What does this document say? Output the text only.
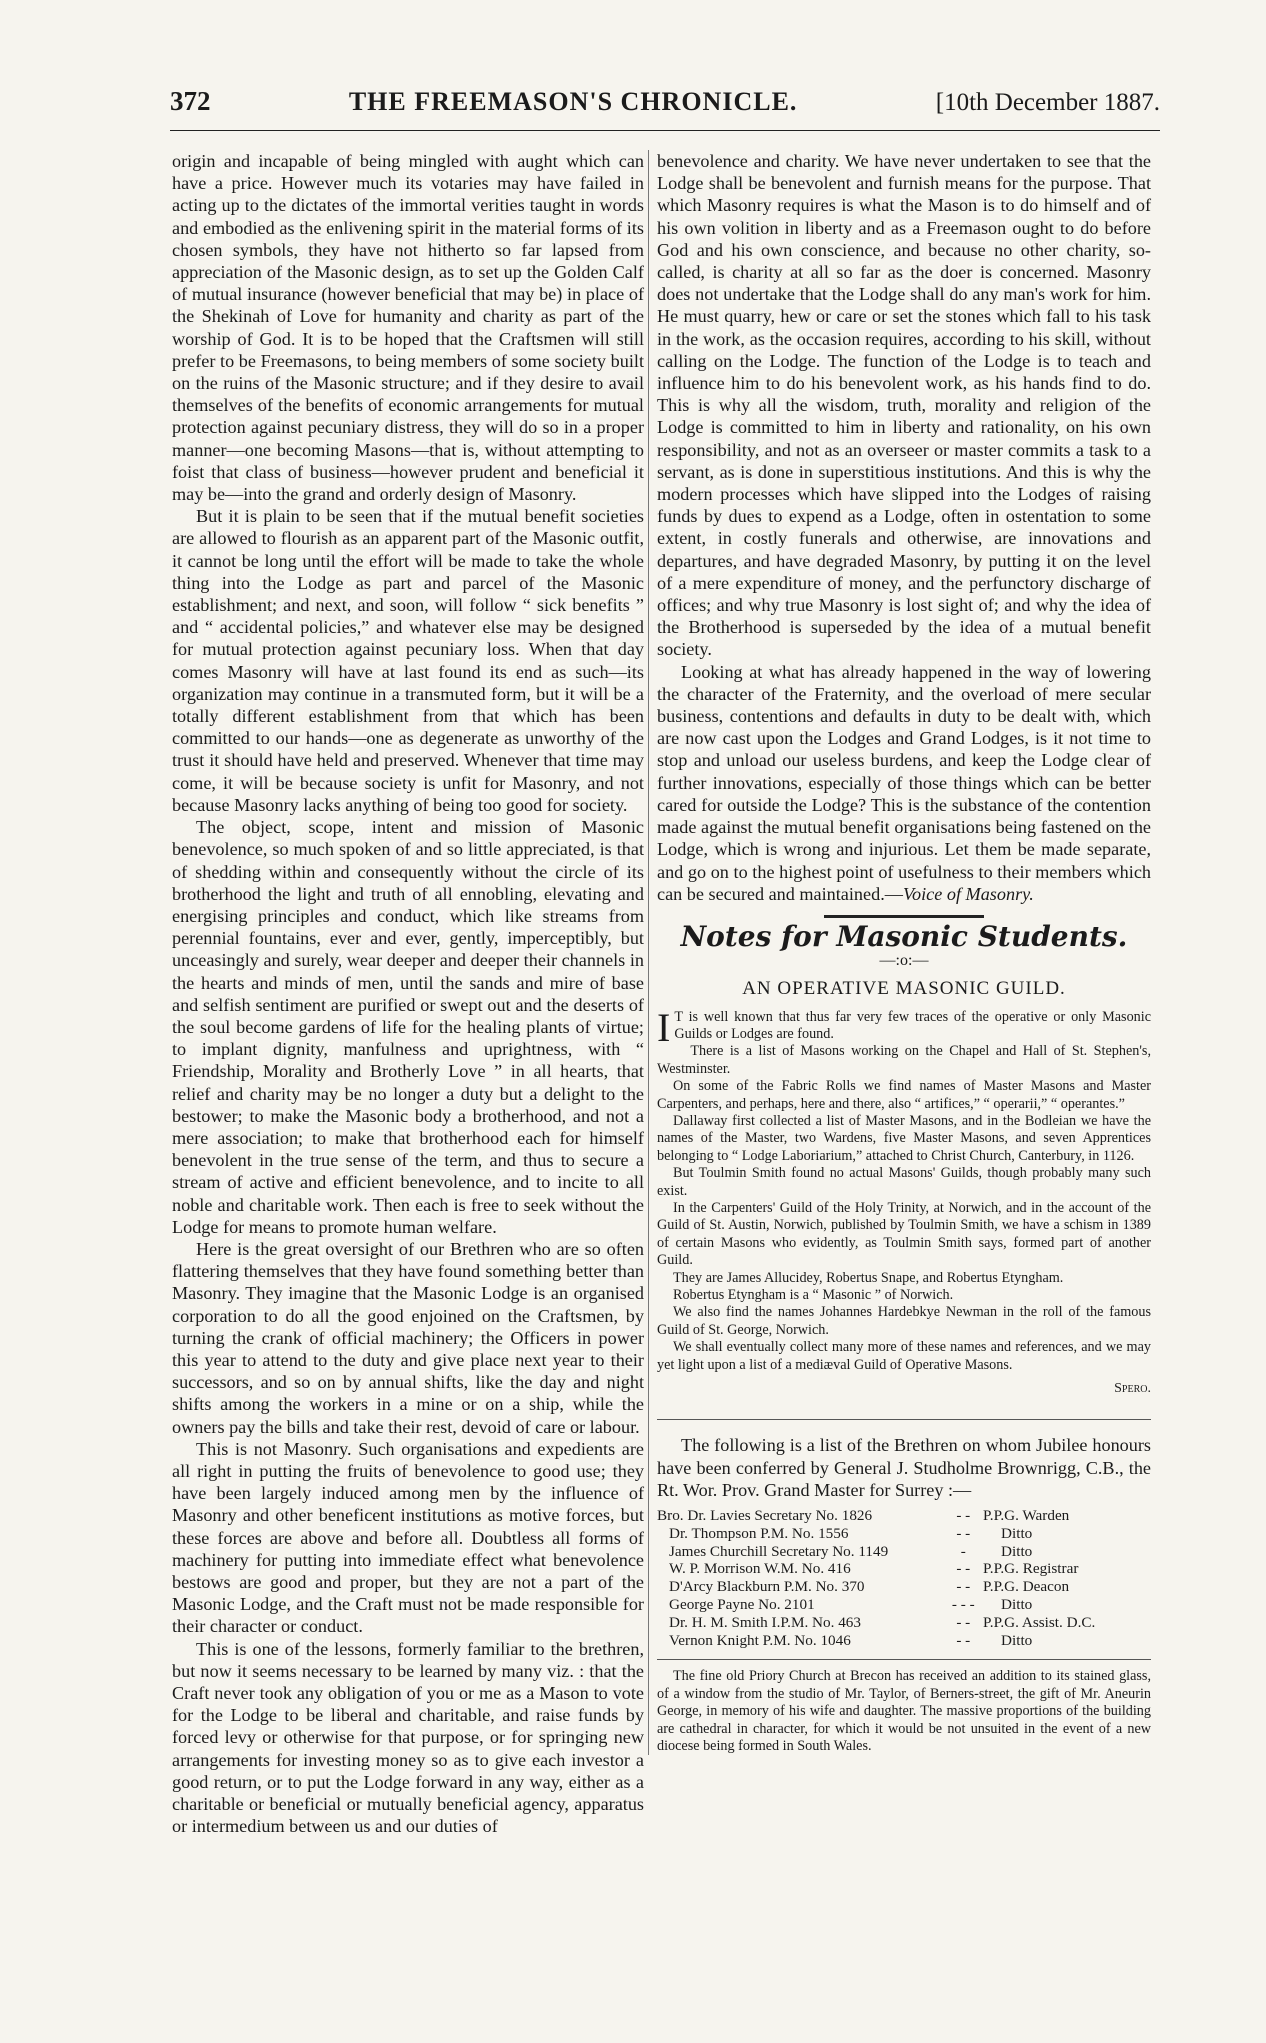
372	THE FREEMASON'S CHRONICLE.	[10th December 1887.

origin and incapable of being mingled with aught which can have a price. However much its votaries may have failed in acting up to the dictates of the immortal verities taught in words and embodied as the enlivening spirit in the material forms of its chosen symbols, they have not hitherto so far lapsed from appreciation of the Masonic design, as to set up the Golden Calf of mutual insurance (however beneficial that may be) in place of the Shekinah of Love for humanity and charity as part of the worship of God. It is to be hoped that the Craftsmen will still prefer to be Freemasons, to being members of some society built on the ruins of the Masonic structure; and if they desire to avail themselves of the benefits of economic arrangements for mutual protection against pecuniary distress, they will do so in a proper manner—one becoming Masons—that is, without attempting to foist that class of business—however prudent and beneficial it may be—into the grand and orderly design of Masonry.

But it is plain to be seen that if the mutual benefit societies are allowed to flourish as an apparent part of the Masonic outfit, it cannot be long until the effort will be made to take the whole thing into the Lodge as part and parcel of the Masonic establishment; and next, and soon, will follow “ sick benefits ” and “ accidental policies,” and whatever else may be designed for mutual protection against pecuniary loss. When that day comes Masonry will have at last found its end as such—its organization may continue in a transmuted form, but it will be a totally different establishment from that which has been committed to our hands—one as degenerate as unworthy of the trust it should have held and preserved. Whenever that time may come, it will be because society is unfit for Masonry, and not because Masonry lacks anything of being too good for society.

The object, scope, intent and mission of Masonic benevolence, so much spoken of and so little appreciated, is that of shedding within and consequently without the circle of its brotherhood the light and truth of all ennobling, elevating and energising principles and conduct, which like streams from perennial fountains, ever and ever, gently, imperceptibly, but unceasingly and surely, wear deeper and deeper their channels in the hearts and minds of men, until the sands and mire of base and selfish sentiment are purified or swept out and the deserts of the soul become gardens of life for the healing plants of virtue; to implant dignity, manfulness and uprightness, with “ Friendship, Morality and Brotherly Love ” in all hearts, that relief and charity may be no longer a duty but a delight to the bestower; to make the Masonic body a brotherhood, and not a mere association; to make that brotherhood each for himself benevolent in the true sense of the term, and thus to secure a stream of active and efficient benevolence, and to incite to all noble and charitable work. Then each is free to seek without the Lodge for means to promote human welfare.

Here is the great oversight of our Brethren who are so often flattering themselves that they have found something better than Masonry. They imagine that the Masonic Lodge is an organised corporation to do all the good enjoined on the Craftsmen, by turning the crank of official machinery; the Officers in power this year to attend to the duty and give place next year to their successors, and so on by annual shifts, like the day and night shifts among the workers in a mine or on a ship, while the owners pay the bills and take their rest, devoid of care or labour.

This is not Masonry. Such organisations and expedients are all right in putting the fruits of benevolence to good use; they have been largely induced among men by the influence of Masonry and other beneficent institutions as motive forces, but these forces are above and before all. Doubtless all forms of machinery for putting into immediate effect what benevolence bestows are good and proper, but they are not a part of the Masonic Lodge, and the Craft must not be made responsible for their character or conduct.

This is one of the lessons, formerly familiar to the brethren, but now it seems necessary to be learned by many viz. : that the Craft never took any obligation of you or me as a Mason to vote for the Lodge to be liberal and charitable, and raise funds by forced levy or otherwise for that purpose, or for springing new arrangements for investing money so as to give each investor a good return, or to put the Lodge forward in any way, either as a charitable or beneficial or mutually beneficial agency, apparatus or intermedium between us and our duties of

benevolence and charity. We have never undertaken to see that the Lodge shall be benevolent and furnish means for the purpose. That which Masonry requires is what the Mason is to do himself and of his own volition in liberty and as a Freemason ought to do before God and his own conscience, and because no other charity, so-called, is charity at all so far as the doer is concerned. Masonry does not undertake that the Lodge shall do any man's work for him. He must quarry, hew or care or set the stones which fall to his task in the work, as the occasion requires, according to his skill, without calling on the Lodge. The function of the Lodge is to teach and influence him to do his benevolent work, as his hands find to do. This is why all the wisdom, truth, morality and religion of the Lodge is committed to him in liberty and rationality, on his own responsibility, and not as an overseer or master commits a task to a servant, as is done in superstitious institutions. And this is why the modern processes which have slipped into the Lodges of raising funds by dues to expend as a Lodge, often in ostentation to some extent, in costly funerals and otherwise, are innovations and departures, and have degraded Masonry, by putting it on the level of a mere expenditure of money, and the perfunctory discharge of offices; and why true Masonry is lost sight of; and why the idea of the Brotherhood is superseded by the idea of a mutual benefit society.

Looking at what has already happened in the way of lowering the character of the Fraternity, and the overload of mere secular business, contentions and defaults in duty to be dealt with, which are now cast upon the Lodges and Grand Lodges, is it not time to stop and unload our useless burdens, and keep the Lodge clear of further innovations, especially of those things which can be better cared for outside the Lodge? This is the substance of the contention made against the mutual benefit organisations being fastened on the Lodge, which is wrong and injurious. Let them be made separate, and go on to the highest point of usefulness to their members which can be secured and maintained.—Voice of Masonry.

Notes for Masonic Students.
—:o:—
AN OPERATIVE MASONIC GUILD.

I T is well known that thus far very few traces of the operative or only Masonic Guilds or Lodges are found.

There is a list of Masons working on the Chapel and Hall of St. Stephen's, Westminster.

On some of the Fabric Rolls we find names of Master Masons and Master Carpenters, and perhaps, here and there, also “ artifices,” “ operarii,” “ operantes.”

Dallaway first collected a list of Master Masons, and in the Bodleian we have the names of the Master, two Wardens, five Master Masons, and seven Apprentices belonging to “ Lodge Laboriarium,” attached to Christ Church, Canterbury, in 1126.

But Toulmin Smith found no actual Masons' Guilds, though probably many such exist.

In the Carpenters' Guild of the Holy Trinity, at Norwich, and in the account of the Guild of St. Austin, Norwich, published by Toulmin Smith, we have a schism in 1389 of certain Masons who evidently, as Toulmin Smith says, formed part of another Guild.

They are James Allucidey, Robertus Snape, and Robertus Etyngham.

Robertus Etyngham is a “ Masonic ” of Norwich.

We also find the names Johannes Hardebkye Newman in the roll of the famous Guild of St. George, Norwich.

We shall eventually collect many more of these names and references, and we may yet light upon a list of a mediæval Guild of Operative Masons.

Spero.

The following is a list of the Brethren on whom Jubilee honours have been conferred by General J. Studholme Brownrigg, C.B., the Rt. Wor. Prov. Grand Master for Surrey :—

Bro. Dr. Lavies Secretary No. 1826	- -	P.P.G. Warden
Dr. Thompson P.M. No. 1556	- -	Ditto
James Churchill Secretary No. 1149	-	Ditto
W. P. Morrison W.M. No. 416	- -	P.P.G. Registrar
D'Arcy Blackburn P.M. No. 370	- -	P.P.G. Deacon
George Payne No. 2101	- - -	Ditto
Dr. H. M. Smith I.P.M. No. 463	- -	P.P.G. Assist. D.C.
Vernon Knight P.M. No. 1046	- -	Ditto

The fine old Priory Church at Brecon has received an addition to its stained glass, of a window from the studio of Mr. Taylor, of Berners-street, the gift of Mr. Aneurin George, in memory of his wife and daughter. The massive proportions of the building are cathedral in character, for which it would be not unsuited in the event of a new diocese being formed in South Wales.
